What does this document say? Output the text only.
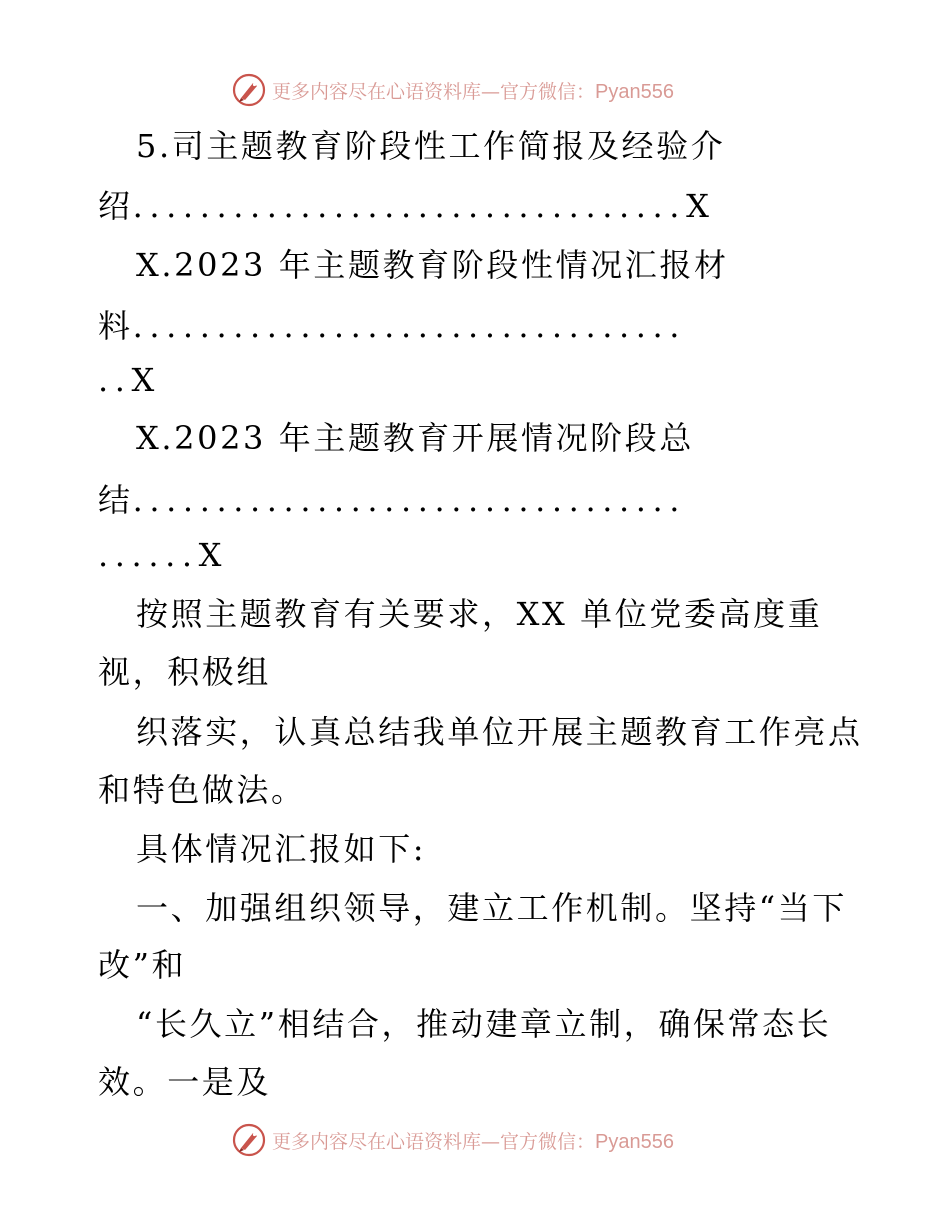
更多内容尽在心语资料库—官方微信：Pyan556
5.司主题教育阶段性工作简报及经验介
绍.................................X
X.2023 年主题教育阶段性情况汇报材
料.................................
..X
X.2023 年主题教育开展情况阶段总
结.................................
......X
按照主题教育有关要求，XX 单位党委高度重
视，积极组
织落实，认真总结我单位开展主题教育工作亮点
和特色做法。
具体情况汇报如下:
一、加强组织领导，建立工作机制。坚持“当下
改”和
“长久立”相结合，推动建章立制，确保常态长
效。一是及
更多内容尽在心语资料库—官方微信：Pyan556
